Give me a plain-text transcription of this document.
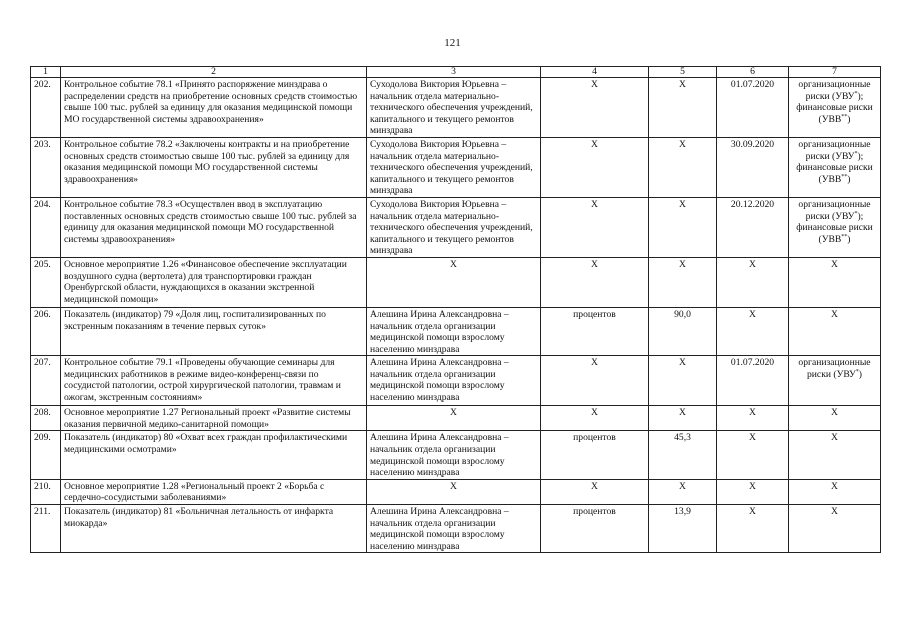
121
1	2	3	4	5	6	7
202.	Контрольное событие 78.1 «Принято распоряжение минздрава о распределении средств на приобретение основных средств стоимостью свыше 100 тыс. рублей за единицу для оказания медицинской помощи МО государственной системы здравоохранения»	Суходолова Виктория Юрьевна – начальник отдела материально-технического обеспечения учреждений, капитального и текущего ремонтов минздрава	X	X	01.07.2020	организационные риски (УВУ*); финансовые риски (УВВ**)
203.	Контрольное событие 78.2 «Заключены контракты и на приобретение основных средств стоимостью свыше 100 тыс. рублей за единицу для оказания медицинской помощи МО государственной системы здравоохранения»	Суходолова Виктория Юрьевна – начальник отдела материально-технического обеспечения учреждений, капитального и текущего ремонтов минздрава	X	X	30.09.2020	организационные риски (УВУ*); финансовые риски (УВВ**)
204.	Контрольное событие 78.3 «Осуществлен ввод в эксплуатацию поставленных основных средств стоимостью свыше 100 тыс. рублей за единицу для оказания медицинской помощи МО государственной системы здравоохранения»	Суходолова Виктория Юрьевна – начальник отдела материально-технического обеспечения учреждений, капитального и текущего ремонтов минздрава	X	X	20.12.2020	организационные риски (УВУ*); финансовые риски (УВВ**)
205.	Основное мероприятие 1.26 «Финансовое обеспечение эксплуатации воздушного судна (вертолета) для транспортировки граждан Оренбургской области, нуждающихся в оказании экстренной медицинской помощи»	X	X	X	X	X
206.	Показатель (индикатор) 79 «Доля лиц, госпитализированных по экстренным показаниям в течение первых суток»	Алешина Ирина Александровна – начальник отдела организации медицинской помощи взрослому населению минздрава	процентов	90,0	X	X
207.	Контрольное событие 79.1 «Проведены обучающие семинары для медицинских работников в режиме видео-конференц-связи по сосудистой патологии, острой хирургической патологии, травмам и ожогам, экстренным состояниям»	Алешина Ирина Александровна – начальник отдела организации медицинской помощи взрослому населению минздрава	X	X	01.07.2020	организационные риски (УВУ*)
208.	Основное мероприятие 1.27 Региональный проект «Развитие системы оказания первичной медико-санитарной помощи»	X	X	X	X	X
209.	Показатель (индикатор) 80 «Охват всех граждан профилактическими медицинскими осмотрами»	Алешина Ирина Александровна – начальник отдела организации медицинской помощи взрослому населению минздрава	процентов	45,3	X	X
210.	Основное мероприятие 1.28 «Региональный проект 2 «Борьба с сердечно-сосудистыми заболеваниями»	X	X	X	X	X
211.	Показатель (индикатор) 81 «Больничная летальность от инфаркта миокарда»	Алешина Ирина Александровна – начальник отдела организации медицинской помощи взрослому населению минздрава	процентов	13,9	X	X
